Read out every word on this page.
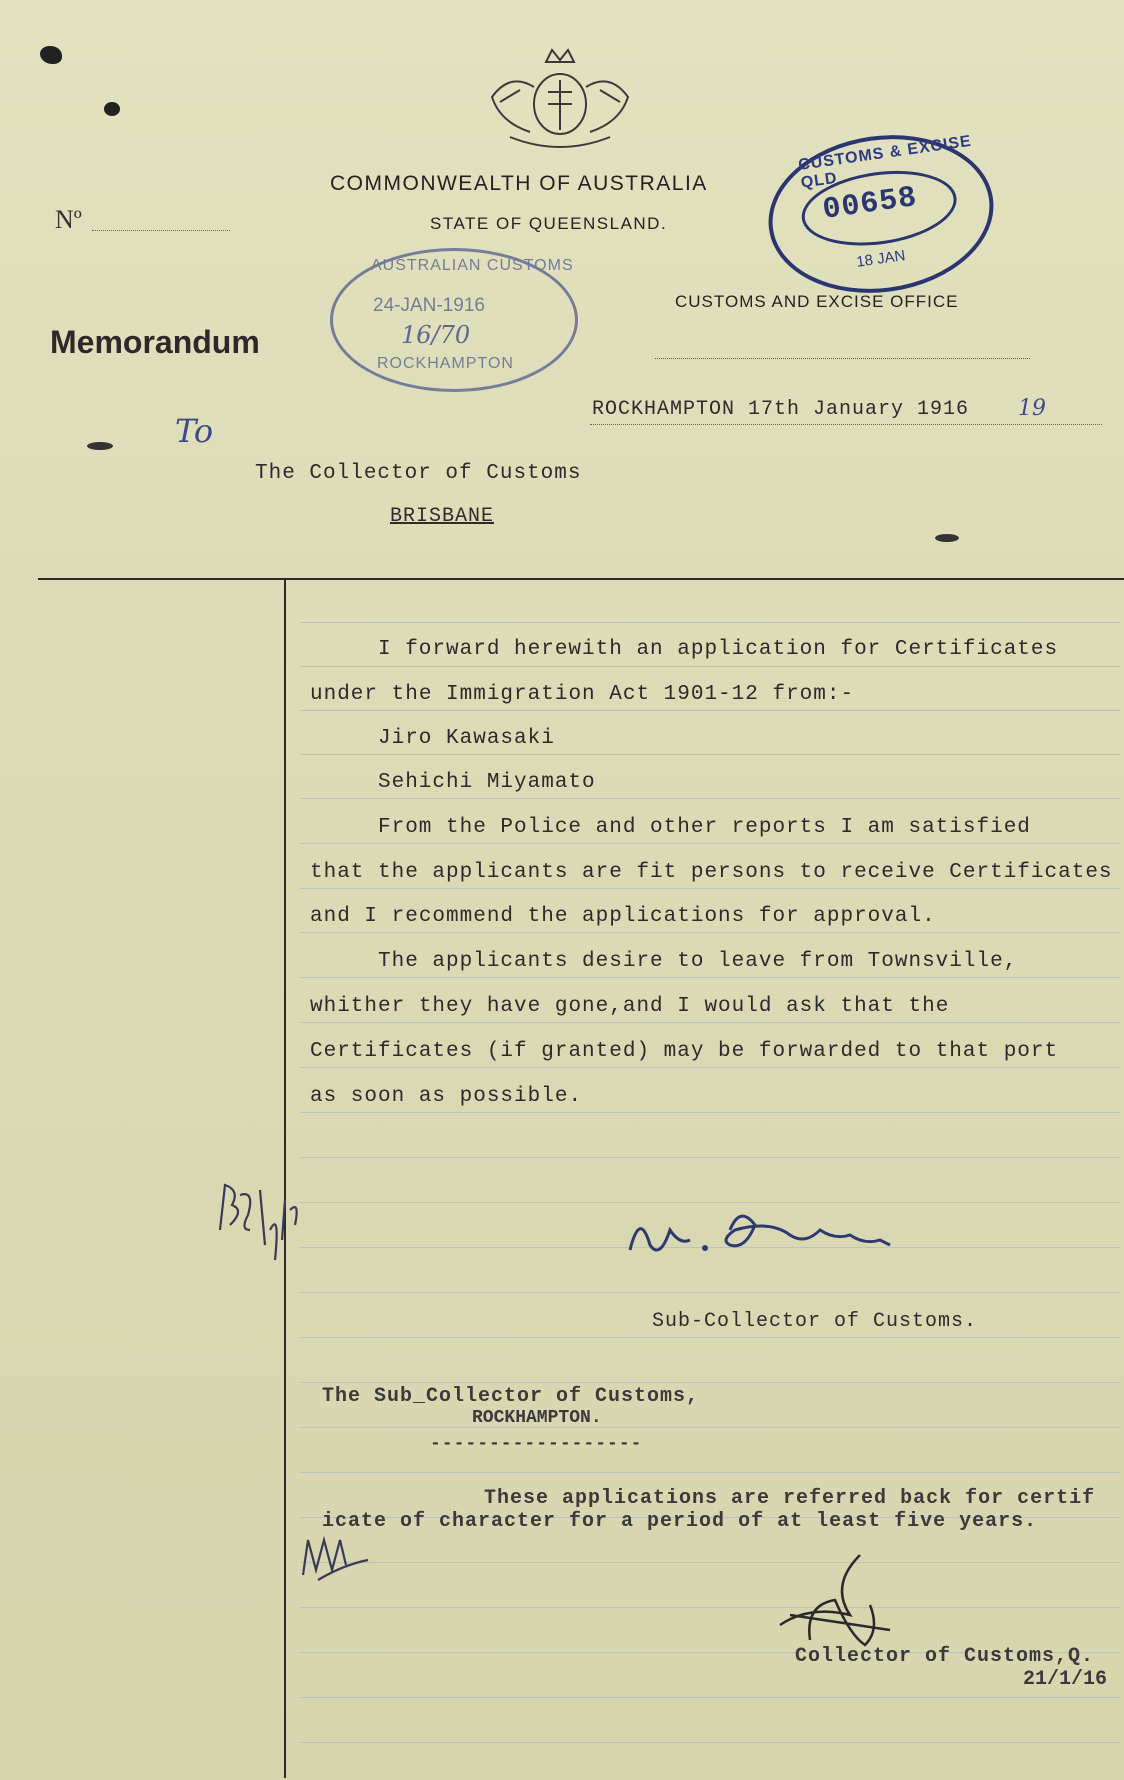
COMMONWEALTH OF AUSTRALIA
STATE OF QUEENSLAND.
CUSTOMS AND EXCISE OFFICE
Nº
Memorandum
To
ROCKHAMPTON 17th January 1916 19
CUSTOMS & EXCISE QLD
00658
18 JAN
AUSTRALIAN CUSTOMS
24-JAN-1916
16/70
ROCKHAMPTON
The Collector of Customs
BRISBANE
I forward herewith an application for Certificates
under the Immigration Act 1901-12 from:-
Jiro Kawasaki
Sehichi Miyamato
From the Police and other reports I am satisfied
that the applicants are fit persons to receive Certificates
and I recommend the applications for approval.
The applicants desire to leave from Townsville,
whither they have gone,and I would ask that the
Certificates (if granted) may be forwarded to that port
as soon as possible.
Sub-Collector of Customs.
The Sub_Collector of Customs,
ROCKHAMPTON.
------------------
These applications are referred back for certif
icate of character for a period of at least five years.
Collector of Customs,Q.
21/1/16
